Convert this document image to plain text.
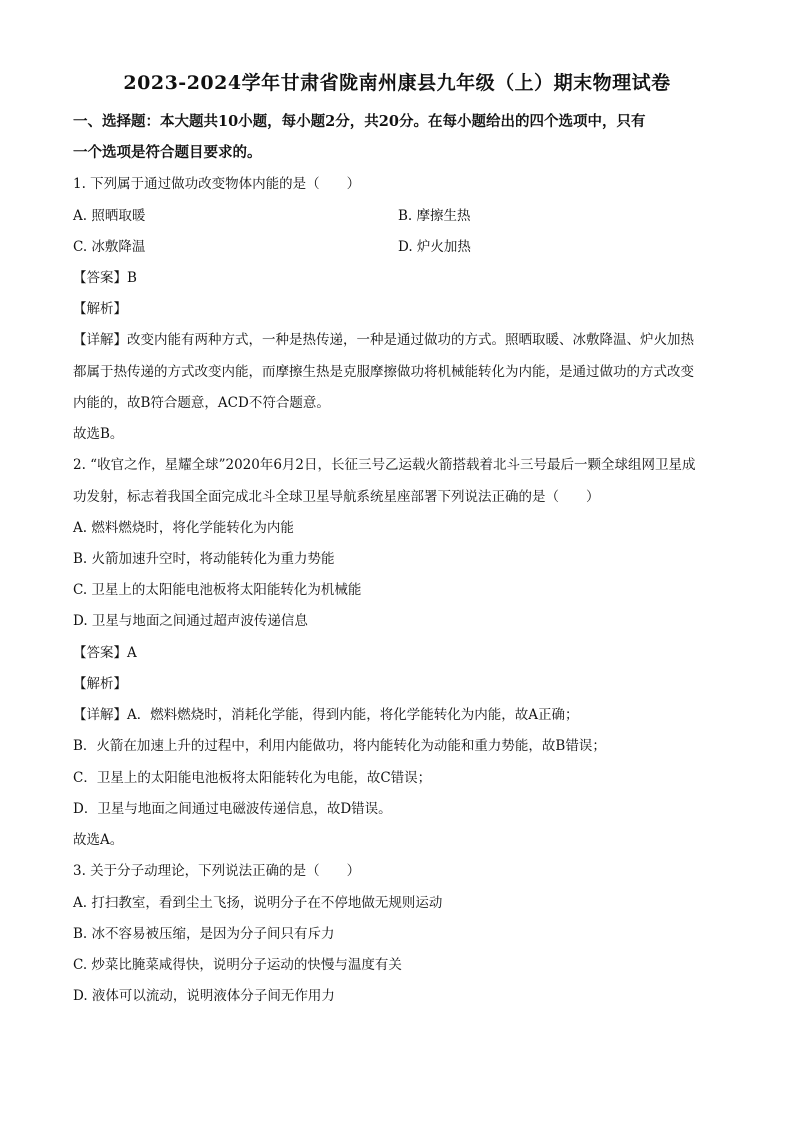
2023-2024学年甘肃省陇南州康县九年级（上）期末物理试卷
一、选择题：本大题共10小题，每小题2分，共20分。在每小题给出的四个选项中，只有
一个选项是符合题目要求的。
1. 下列属于通过做功改变物体内能的是（　　）
A. 照晒取暖	B. 摩擦生热
C. 冰敷降温	D. 炉火加热
【答案】B
【解析】
【详解】改变内能有两种方式，一种是热传递，一种是通过做功的方式。照晒取暖、冰敷降温、炉火加热
都属于热传递的方式改变内能，而摩擦生热是克服摩擦做功将机械能转化为内能，是通过做功的方式改变
内能的，故B符合题意，ACD不符合题意。
故选B。
2. “收官之作，星耀全球”2020年6月2日，长征三号乙运载火箭搭载着北斗三号最后一颗全球组网卫星成
功发射，标志着我国全面完成北斗全球卫星导航系统星座部署下列说法正确的是（　　）
A. 燃料燃烧时，将化学能转化为内能
B. 火箭加速升空时，将动能转化为重力势能
C. 卫星上的太阳能电池板将太阳能转化为机械能
D. 卫星与地面之间通过超声波传递信息
【答案】A
【解析】
【详解】A．燃料燃烧时，消耗化学能，得到内能，将化学能转化为内能，故A正确；
B．火箭在加速上升的过程中，利用内能做功，将内能转化为动能和重力势能，故B错误；
C．卫星上的太阳能电池板将太阳能转化为电能，故C错误；
D．卫星与地面之间通过电磁波传递信息，故D错误。
故选A。
3. 关于分子动理论，下列说法正确的是（　　）
A. 打扫教室，看到尘土飞扬，说明分子在不停地做无规则运动
B. 冰不容易被压缩，是因为分子间只有斥力
C. 炒菜比腌菜咸得快，说明分子运动的快慢与温度有关
D. 液体可以流动，说明液体分子间无作用力
